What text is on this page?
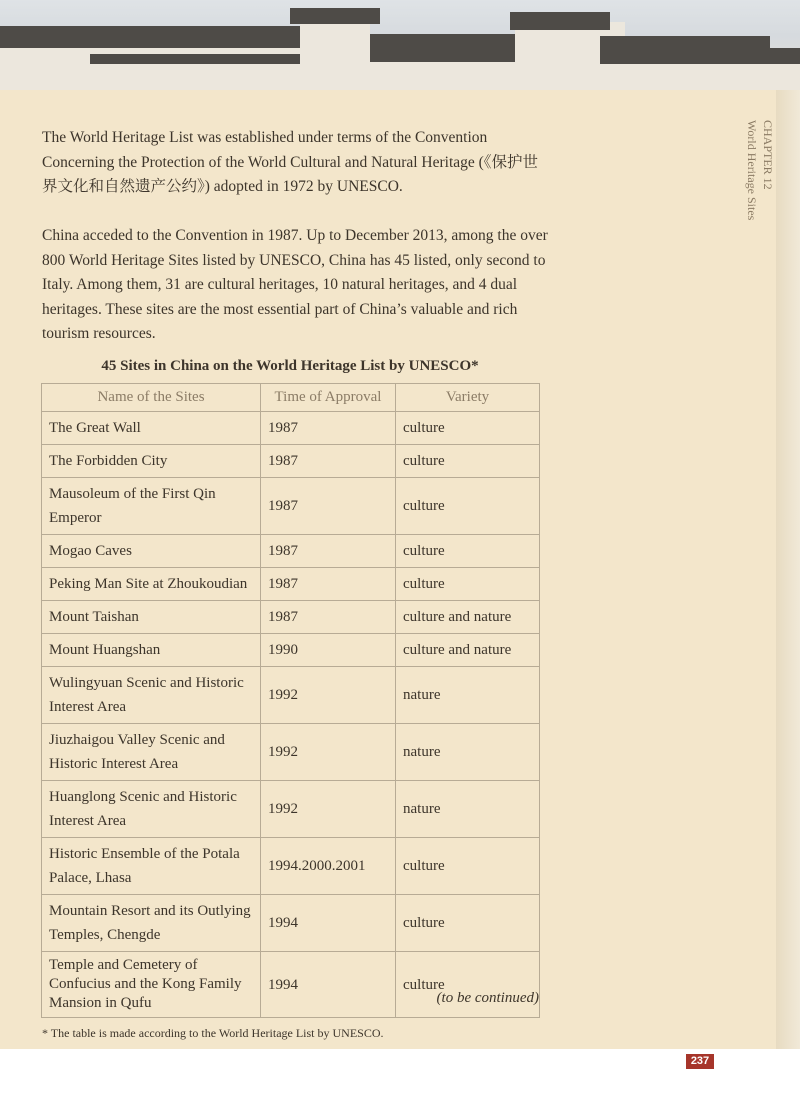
CHAPTER 12
World Heritage Sites

The World Heritage List was established under terms of the Convention Concerning the Protection of the World Cultural and Natural Heritage (《保护世界文化和自然遗产公约》) adopted in 1972 by UNESCO.

China acceded to the Convention in 1987. Up to December 2013, among the over 800 World Heritage Sites listed by UNESCO, China has 45 listed, only second to Italy. Among them, 31 are cultural heritages, 10 natural heritages, and 4 dual heritages. These sites are the most essential part of China’s valuable and rich tourism resources.

45 Sites in China on the World Heritage List by UNESCO*
Name of the Sites	Time of Approval	Variety
The Great Wall	1987	culture
The Forbidden City	1987	culture
Mausoleum of the First Qin Emperor	1987	culture
Mogao Caves	1987	culture
Peking Man Site at Zhoukoudian	1987	culture
Mount Taishan	1987	culture and nature
Mount Huangshan	1990	culture and nature
Wulingyuan Scenic and Historic Interest Area	1992	nature
Jiuzhaigou Valley Scenic and Historic Interest Area	1992	nature
Huanglong Scenic and Historic Interest Area	1992	nature
Historic Ensemble of the Potala Palace, Lhasa	1994.2000.2001	culture
Mountain Resort and its Outlying Temples, Chengde	1994	culture
Temple and Cemetery of Confucius and the Kong Family Mansion in Qufu	1994	culture
(to be continued)
* The table is made according to the World Heritage List by UNESCO.
237
